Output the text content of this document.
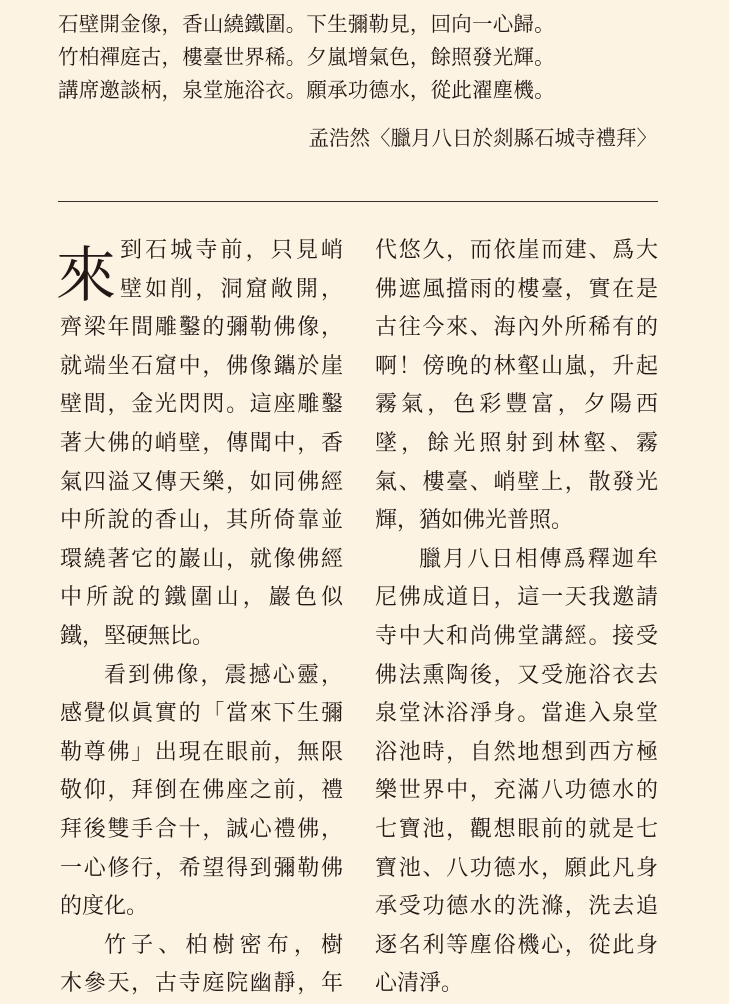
石壁開金像，香山繞鐵圍。下生彌勒見，回向一心歸。
竹柏禪庭古，樓臺世界稀。夕嵐增氣色，餘照發光輝。
講席邀談柄，泉堂施浴衣。願承功德水，從此濯塵機。
孟浩然〈臘月八日於剡縣石城寺禮拜〉
來 到石城寺前，只見峭
壁如削，洞窟敞開，
齊梁年間雕鑿的彌勒佛像，
就端坐石窟中，佛像鑴於崖
壁間，金光閃閃。這座雕鑿
著大佛的峭壁，傳聞中，香
氣四溢又傳天樂，如同佛經
中所說的香山，其所倚靠並
環繞著它的巖山，就像佛經
中所說的鐵圍山，巖色似
鐵，堅硬無比。
看到佛像，震撼心靈，
感覺似眞實的「當來下生彌
勒尊佛」出現在眼前，無限
敬仰，拜倒在佛座之前，禮
拜後雙手合十，誠心禮佛，
一心修行，希望得到彌勒佛
的度化。
竹子、柏樹密布，樹
木參天，古寺庭院幽靜，年
代悠久，而依崖而建、爲大
佛遮風擋雨的樓臺，實在是
古往今來、海內外所稀有的
啊！傍晚的林壑山嵐，升起
霧氣，色彩豐富，夕陽西
墜，餘光照射到林壑、霧
氣、樓臺、峭壁上，散發光
輝，猶如佛光普照。
臘月八日相傳爲釋迦牟
尼佛成道日，這一天我邀請
寺中大和尚佛堂講經。接受
佛法熏陶後，又受施浴衣去
泉堂沐浴淨身。當進入泉堂
浴池時，自然地想到西方極
樂世界中，充滿八功德水的
七寶池，觀想眼前的就是七
寶池、八功德水，願此凡身
承受功德水的洗滌，洗去追
逐名利等塵俗機心，從此身
心清淨。
